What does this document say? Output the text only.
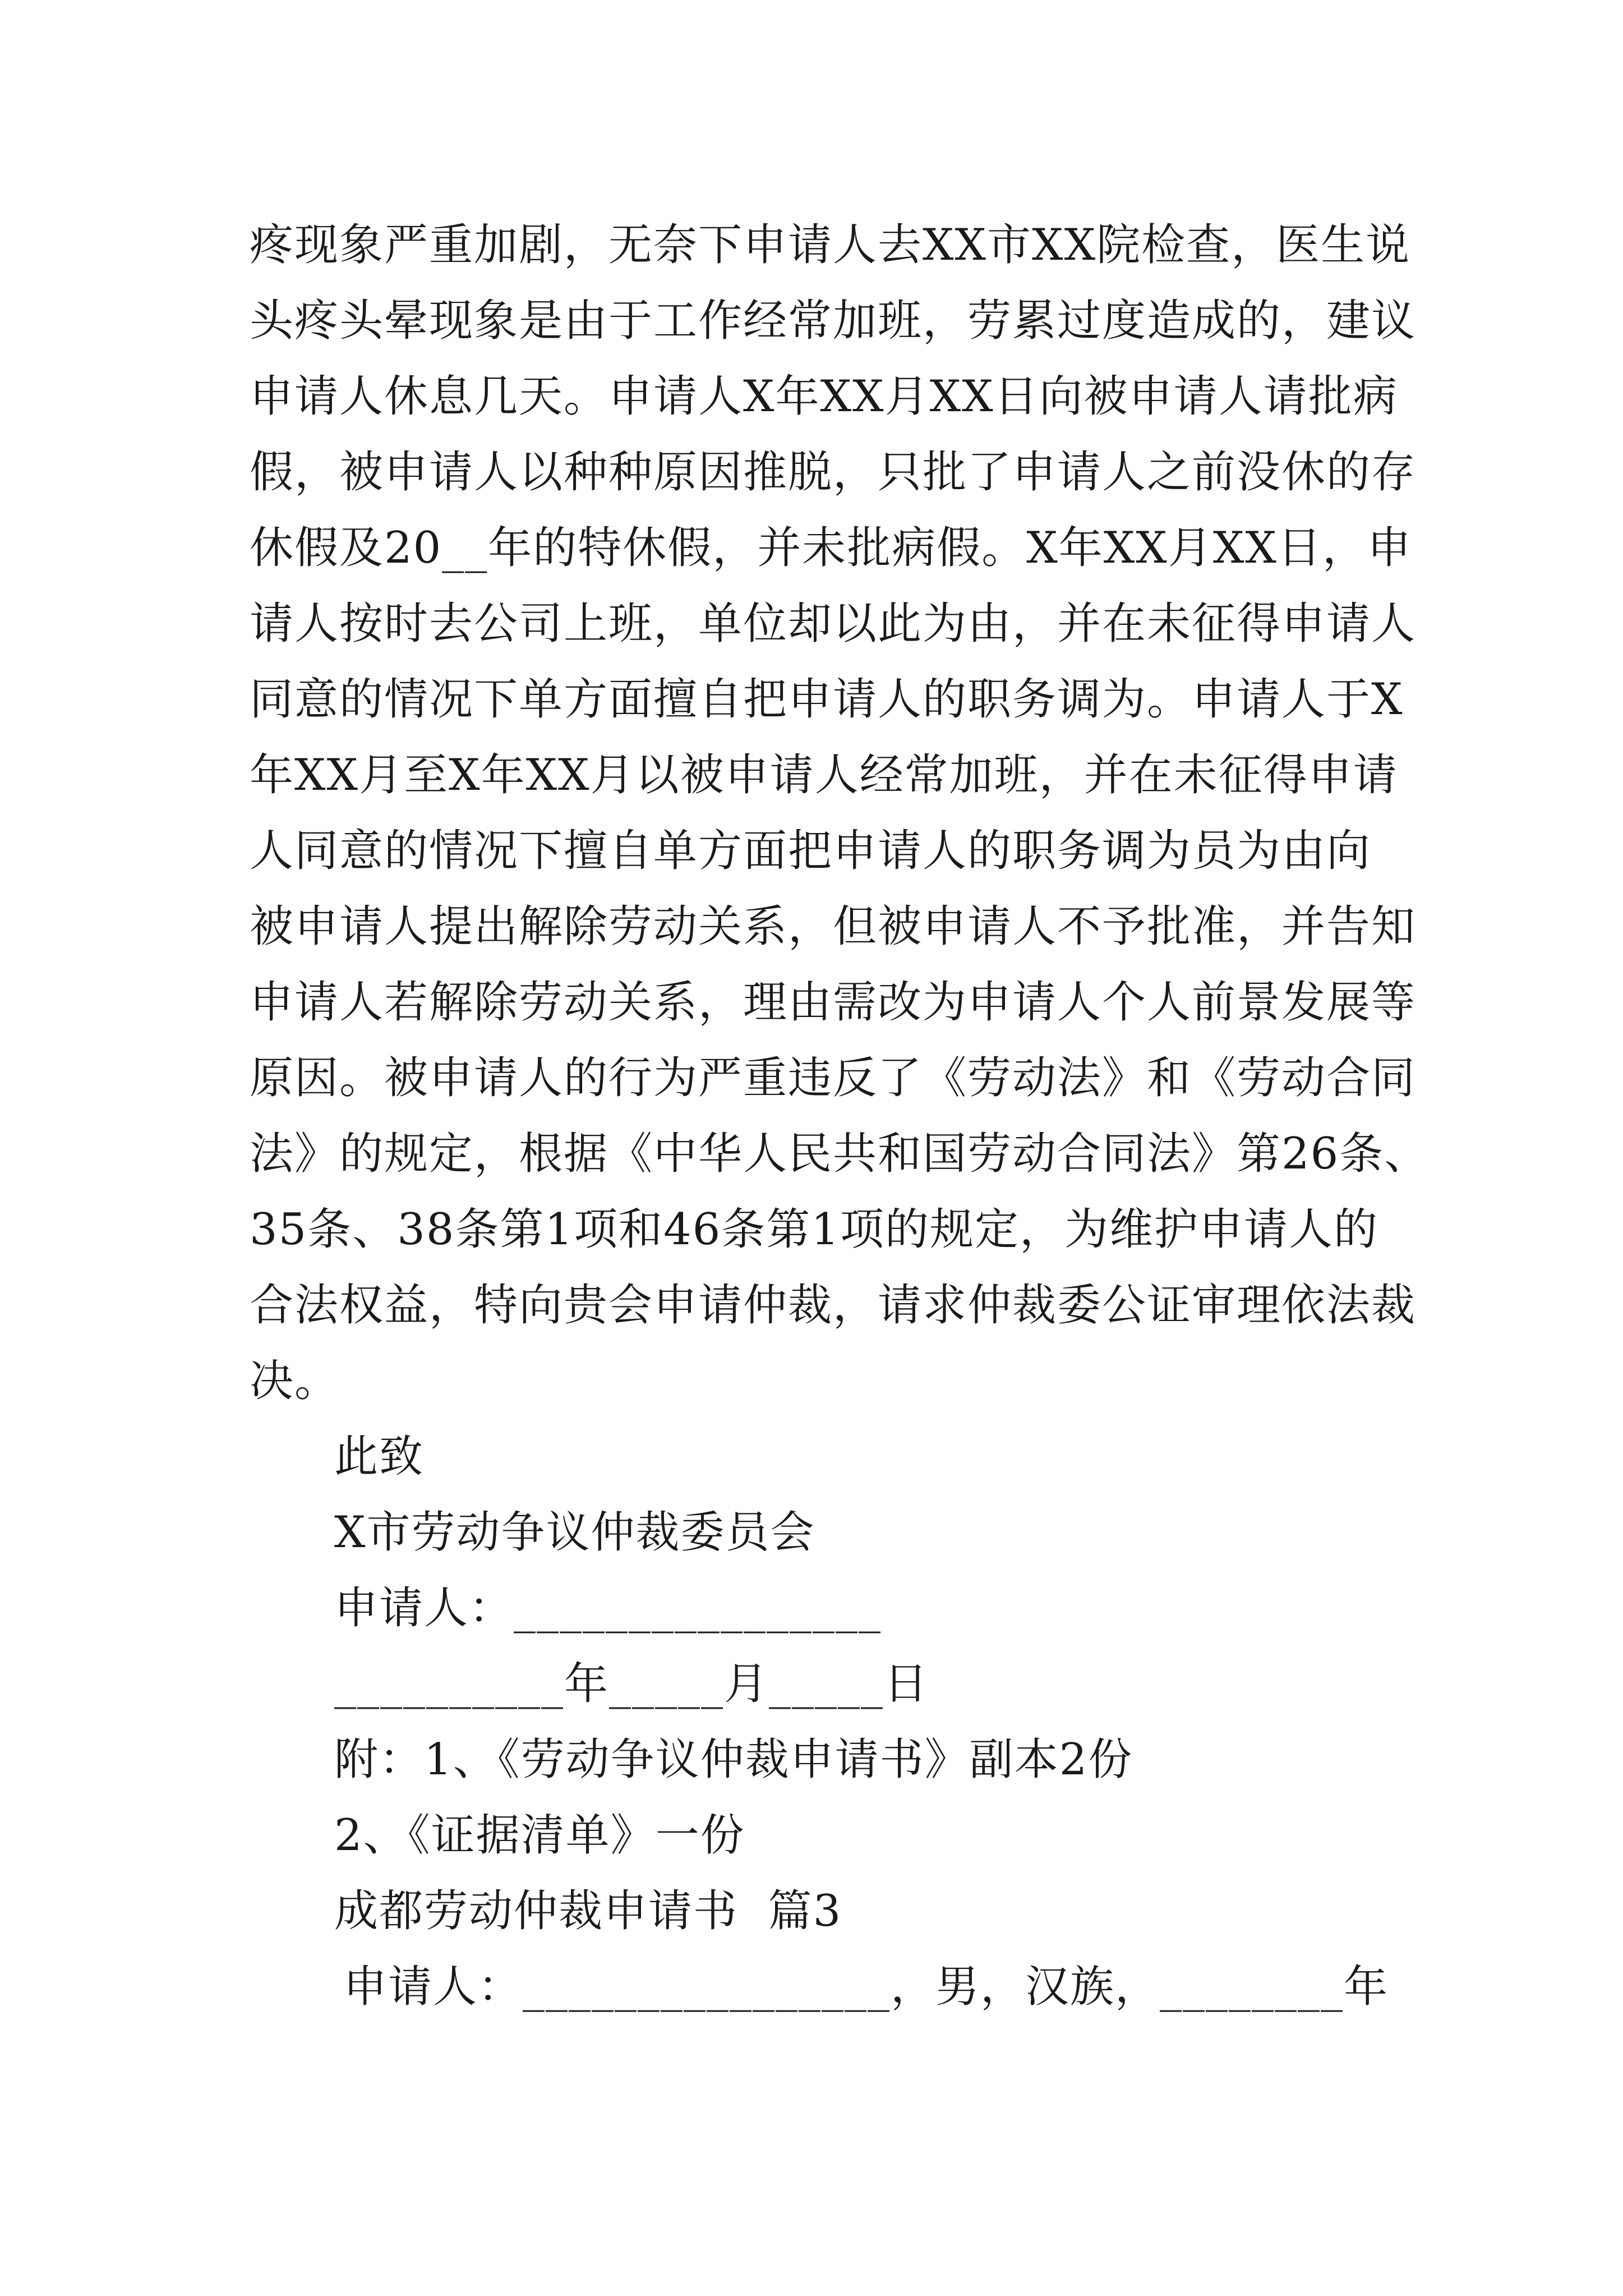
疼现象严重加剧，无奈下申请人去XX市XX院检查，医生说
头疼头晕现象是由于工作经常加班，劳累过度造成的，建议
申请人休息几天。申请人X年XX月XX日向被申请人请批病
假，被申请人以种种原因推脱，只批了申请人之前没休的存
休假及20__年的特休假，并未批病假。X年XX月XX日，申
请人按时去公司上班，单位却以此为由，并在未征得申请人
同意的情况下单方面擅自把申请人的职务调为。申请人于X
年XX月至X年XX月以被申请人经常加班，并在未征得申请
人同意的情况下擅自单方面把申请人的职务调为员为由向
被申请人提出解除劳动关系，但被申请人不予批准，并告知
申请人若解除劳动关系，理由需改为申请人个人前景发展等
原因。被申请人的行为严重违反了《劳动法》和《劳动合同
法》的规定，根据《中华人民共和国劳动合同法》第26条、
35条、38条第1项和46条第1项的规定，为维护申请人的
合法权益，特向贵会申请仲裁，请求仲裁委公证审理依法裁
决。
此致
X市劳动争议仲裁委员会
申请人：________________
__________年_____月_____日
附：1、《劳动争议仲裁申请书》副本2份
2、《证据清单》一份
成都劳动仲裁申请书  篇3
申请人：________________，男，汉族，________年
